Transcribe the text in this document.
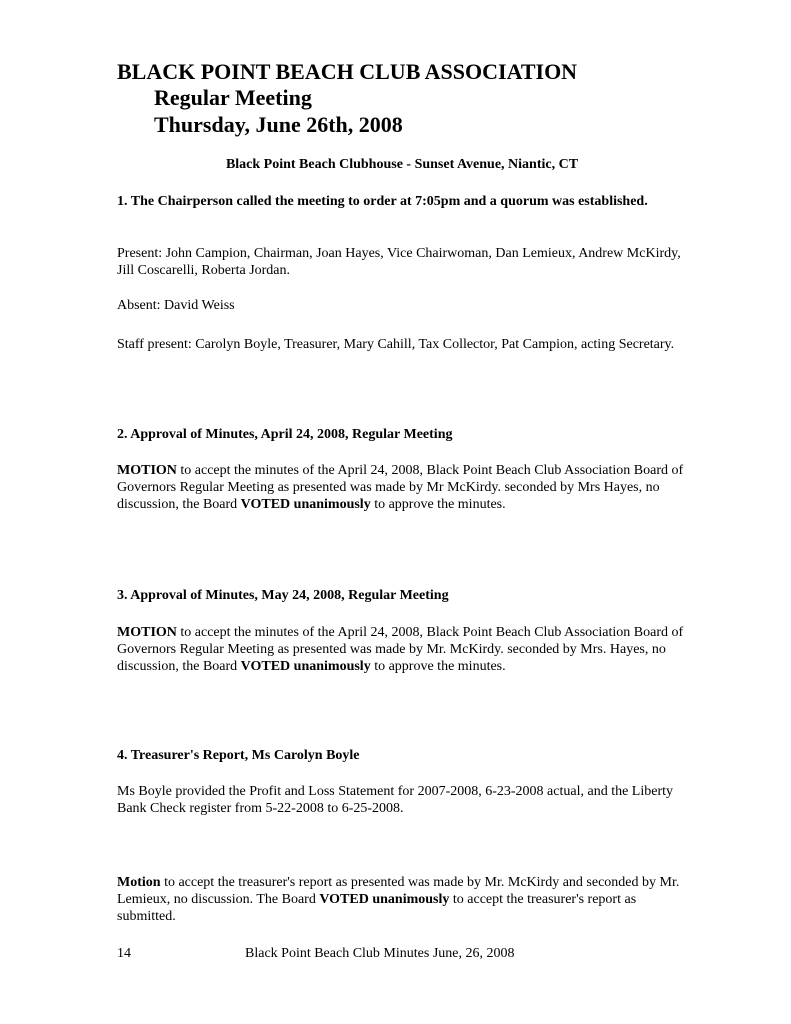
BLACK POINT BEACH CLUB ASSOCIATION
Regular Meeting
Thursday, June 26th, 2008
Black Point Beach Clubhouse - Sunset Avenue, Niantic, CT
1. The Chairperson called the meeting to order at 7:05pm and a quorum was established.
Present: John Campion, Chairman, Joan Hayes, Vice Chairwoman, Dan Lemieux, Andrew McKirdy, Jill Coscarelli, Roberta Jordan.
Absent: David Weiss
Staff present: Carolyn Boyle, Treasurer, Mary Cahill, Tax Collector, Pat Campion, acting Secretary.
2. Approval of Minutes, April 24, 2008, Regular Meeting
MOTION to accept the minutes of the April 24, 2008, Black Point Beach Club Association Board of Governors Regular Meeting as presented was made by Mr McKirdy. seconded by Mrs Hayes, no discussion, the Board VOTED unanimously to approve the minutes.
3. Approval of Minutes, May 24, 2008, Regular Meeting
MOTION to accept the minutes of the April 24, 2008, Black Point Beach Club Association Board of Governors Regular Meeting as presented was made by Mr. McKirdy. seconded by Mrs. Hayes, no discussion, the Board VOTED unanimously to approve the minutes.
4. Treasurer's Report, Ms Carolyn Boyle
Ms Boyle provided the Profit and Loss Statement for 2007-2008, 6-23-2008 actual, and the Liberty Bank Check register from 5-22-2008 to 6-25-2008.
Motion to accept the treasurer's report as presented was made by Mr. McKirdy and seconded by Mr. Lemieux, no discussion. The Board VOTED unanimously to accept the treasurer's report as submitted.
14	Black Point Beach Club Minutes June, 26, 2008
